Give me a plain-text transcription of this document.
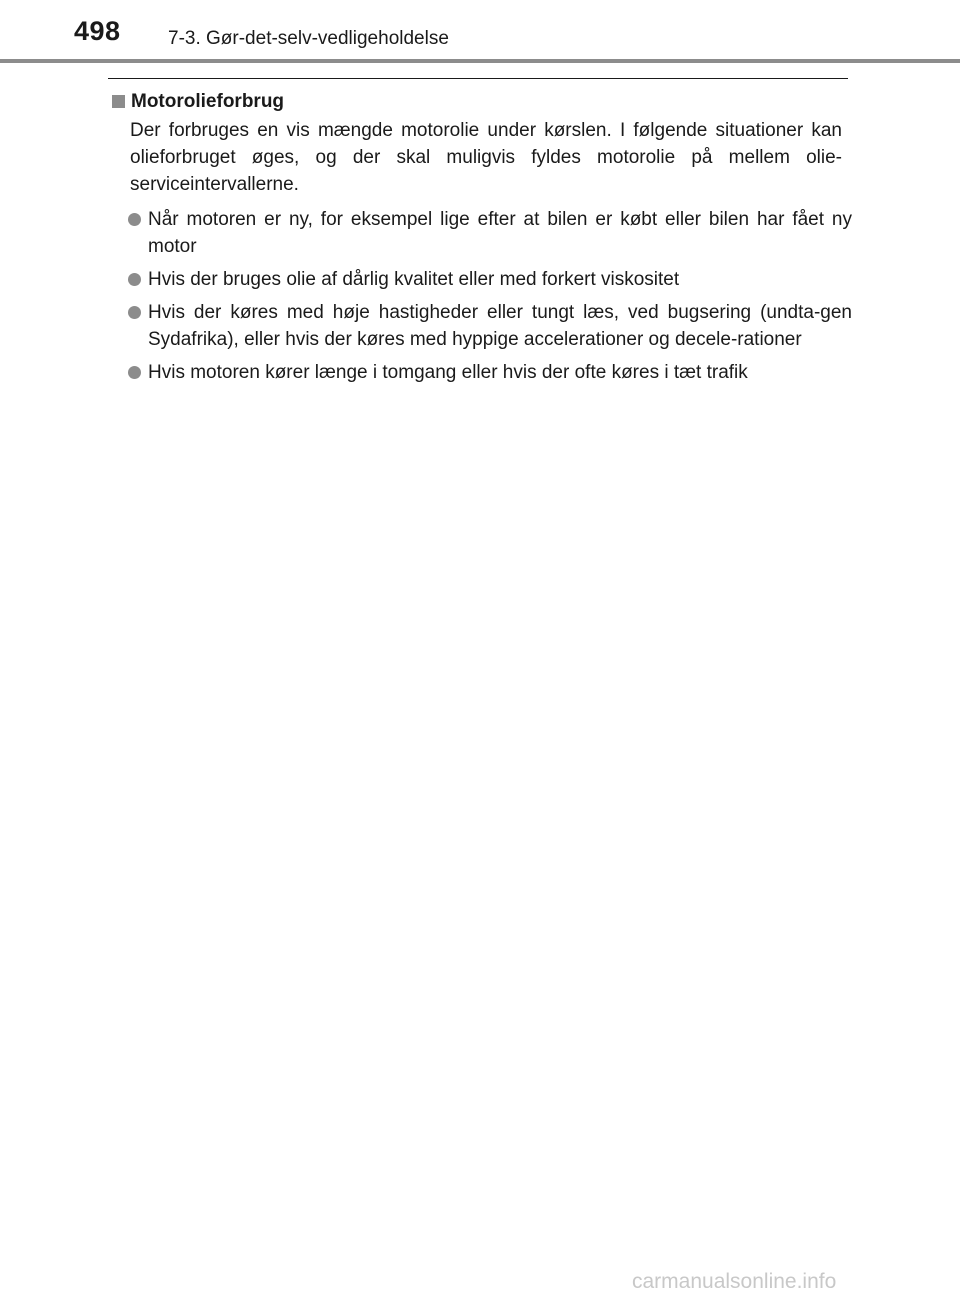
498 7-3. Gør-det-selv-vedligeholdelse
Motorolieforbrug

Der forbruges en vis mængde motorolie under kørslen. I følgende situationer kan olieforbruget øges, og der skal muligvis fyldes motorolie på mellem olie-serviceintervallerne.

Når motoren er ny, for eksempel lige efter at bilen er købt eller bilen har fået ny motor
Hvis der bruges olie af dårlig kvalitet eller med forkert viskositet
Hvis der køres med høje hastigheder eller tungt læs, ved bugsering (undta-gen Sydafrika), eller hvis der køres med hyppige accelerationer og decele-rationer
Hvis motoren kører længe i tomgang eller hvis der ofte køres i tæt trafik
carmanualsonline.info
